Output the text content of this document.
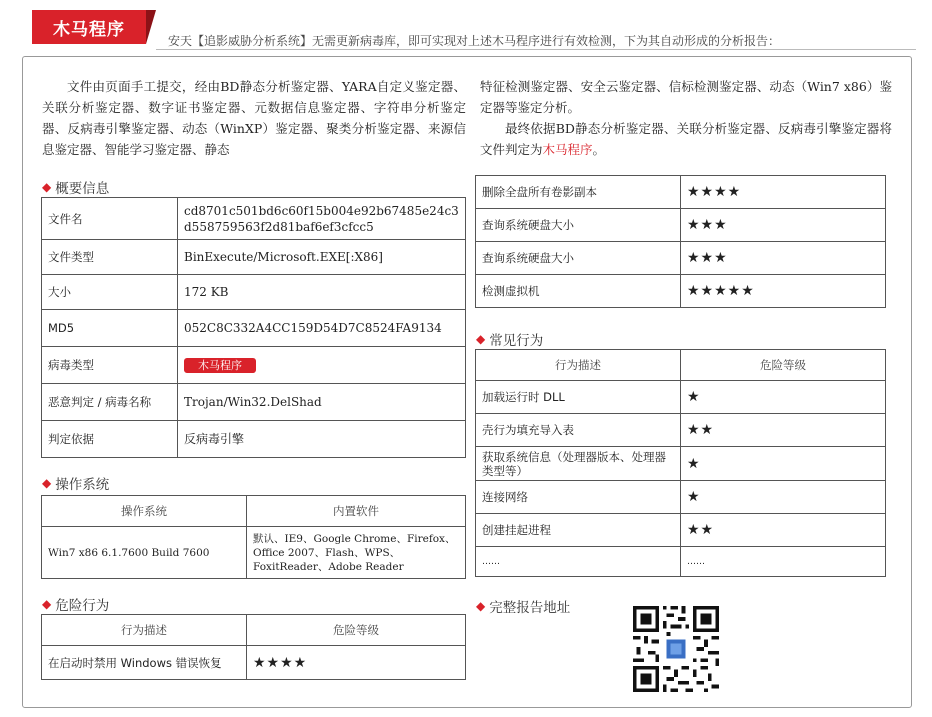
木马程序
安天【追影威胁分析系统】无需更新病毒库，即可实现对上述木马程序进行有效检测，下为其自动形成的分析报告：
文件由页面手工提交，经由BD静态分析鉴定器、YARA自定义鉴定器、关联分析鉴定器、数字证书鉴定器、元数据信息鉴定器、字符串分析鉴定器、反病毒引擎鉴定器、动态（WinXP）鉴定器、聚类分析鉴定器、来源信息鉴定器、智能学习鉴定器、静态
特征检测鉴定器、安全云鉴定器、信标检测鉴定器、动态（Win7 x86）鉴定器等鉴定分析。
最终依据BD静态分析鉴定器、关联分析鉴定器、反病毒引擎鉴定器将文件判定为木马程序。
◆ 概要信息
文件名	cd8701c501bd6c60f15b004e92b67485e24c3d558759563f2d81baf6ef3cfcc5
文件类型	BinExecute/Microsoft.EXE[:X86]
大小	172 KB
MD5	052C8C332A4CC159D54D7C8524FA9134
病毒类型	木马程序
恶意判定 / 病毒名称	Trojan/Win32.DelShad
判定依据	反病毒引擎
◆ 操作系统
操作系统	内置软件
Win7 x86 6.1.7600 Build 7600	默认、IE9、Google Chrome、Firefox、Office 2007、Flash、WPS、FoxitReader、Adobe Reader
◆ 危险行为
行为描述	危险等级
在启动时禁用 Windows 错误恢复	★★★★
删除全盘所有卷影副本	★★★★
查询系统硬盘大小	★★★
查询系统硬盘大小	★★★
检测虚拟机	★★★★★
◆ 常见行为
行为描述	危险等级
加载运行时 DLL	★
壳行为填充导入表	★★
获取系统信息（处理器版本、处理器类型等）	★
连接网络	★
创建挂起进程	★★
……	……
◆ 完整报告地址
